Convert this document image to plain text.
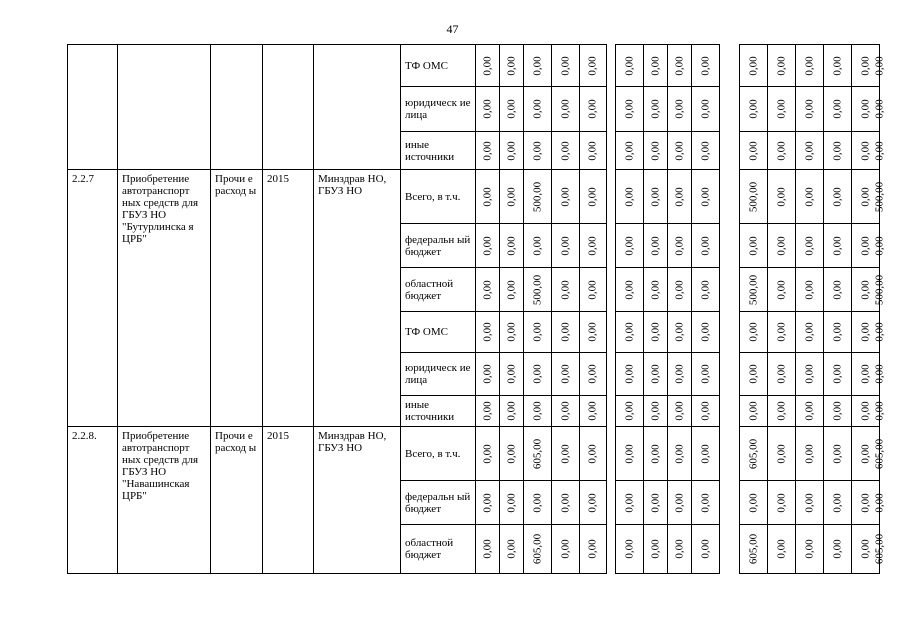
47
					ТФ ОМС	0,00	0,00	0,00	0,00	0,00		0,00	0,00	0,00	0,00		0,00	0,00	0,00	0,00	0,00	0,00

					юридическ ие лица	0,00	0,00	0,00	0,00	0,00		0,00	0,00	0,00	0,00		0,00	0,00	0,00	0,00	0,00	0,00

					иные источники	0,00	0,00	0,00	0,00	0,00		0,00	0,00	0,00	0,00		0,00	0,00	0,00	0,00	0,00	0,00

2.2.7	Приобретение автотранспорт ных средств для ГБУЗ НО "Бутурлинска я ЦРБ"	Прочи е расход ы	2015	Минздрав НО, ГБУЗ НО	Всего, в т.ч.	0,00	0,00	500,00	0,00	0,00		0,00	0,00	0,00	0,00		500,00	0,00	0,00	0,00	0,00	500,00

					федеральн ый бюджет	0,00	0,00	0,00	0,00	0,00		0,00	0,00	0,00	0,00		0,00	0,00	0,00	0,00	0,00	0,00

					областной бюджет	0,00	0,00	500,00	0,00	0,00		0,00	0,00	0,00	0,00		500,00	0,00	0,00	0,00	0,00	500,00

					ТФ ОМС	0,00	0,00	0,00	0,00	0,00		0,00	0,00	0,00	0,00		0,00	0,00	0,00	0,00	0,00	0,00

					юридическ ие лица	0,00	0,00	0,00	0,00	0,00		0,00	0,00	0,00	0,00		0,00	0,00	0,00	0,00	0,00	0,00

					иные источники	0,00	0,00	0,00	0,00	0,00		0,00	0,00	0,00	0,00		0,00	0,00	0,00	0,00	0,00	0,00

2.2.8.	Приобретение автотранспорт ных средств для ГБУЗ НО "Навашинская ЦРБ"	Прочи е расход ы	2015	Минздрав НО, ГБУЗ НО	Всего, в т.ч.	0,00	0,00	605,00	0,00	0,00		0,00	0,00	0,00	0,00		605,00	0,00	0,00	0,00	0,00	605,00

					федеральн ый бюджет	0,00	0,00	0,00	0,00	0,00		0,00	0,00	0,00	0,00		0,00	0,00	0,00	0,00	0,00	0,00

					областной бюджет	0,00	0,00	605,00	0,00	0,00		0,00	0,00	0,00	0,00		605,00	0,00	0,00	0,00	0,00	605,00
